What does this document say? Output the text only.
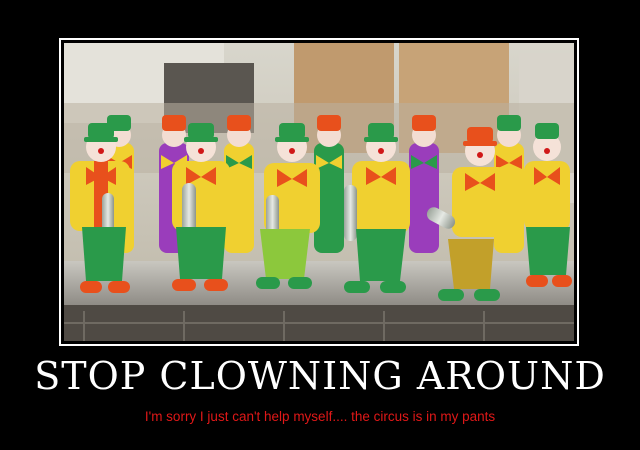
STOP CLOWNING AROUND
I'm sorry I just can't help myself.... the circus is in my pants
